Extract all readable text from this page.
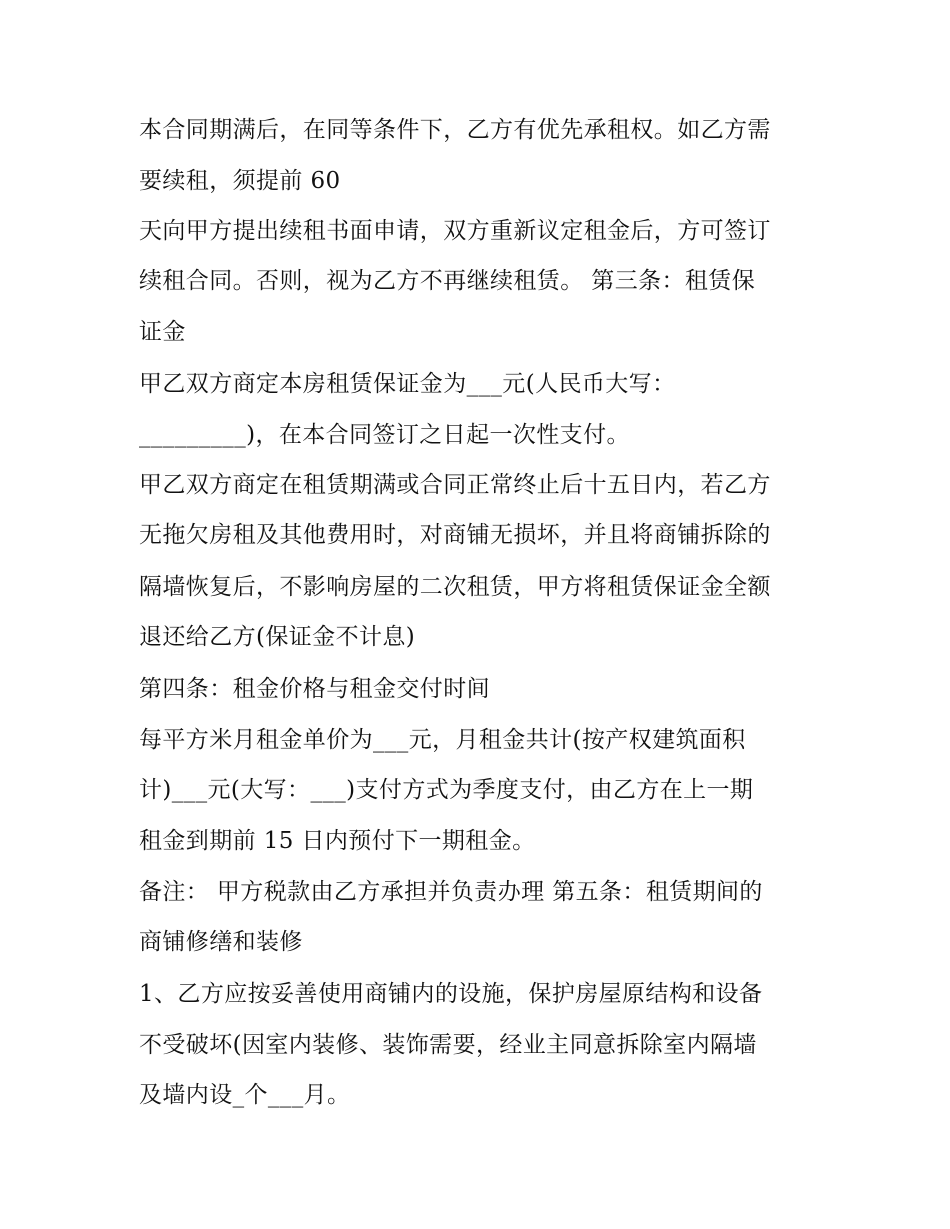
本合同期满后，在同等条件下，乙方有优先承租权。如乙方需
要续租，须提前 60
天向甲方提出续租书面申请，双方重新议定租金后，方可签订
续租合同。否则，视为乙方不再继续租赁。 第三条：租赁保
证金
甲乙双方商定本房租赁保证金为___元(人民币大写：
_________)，在本合同签订之日起一次性支付。
甲乙双方商定在租赁期满或合同正常终止后十五日内，若乙方
无拖欠房租及其他费用时，对商铺无损坏，并且将商铺拆除的
隔墙恢复后，不影响房屋的二次租赁，甲方将租赁保证金全额
退还给乙方(保证金不计息)
第四条：租金价格与租金交付时间
每平方米月租金单价为___元，月租金共计(按产权建筑面积
计)___元(大写：___)支付方式为季度支付，由乙方在上一期
租金到期前 15 日内预付下一期租金。
备注： 甲方税款由乙方承担并负责办理 第五条：租赁期间的
商铺修缮和装修
1、乙方应按妥善使用商铺内的设施，保护房屋原结构和设备
不受破坏(因室内装修、装饰需要，经业主同意拆除室内隔墙
及墙内设_个___月。
